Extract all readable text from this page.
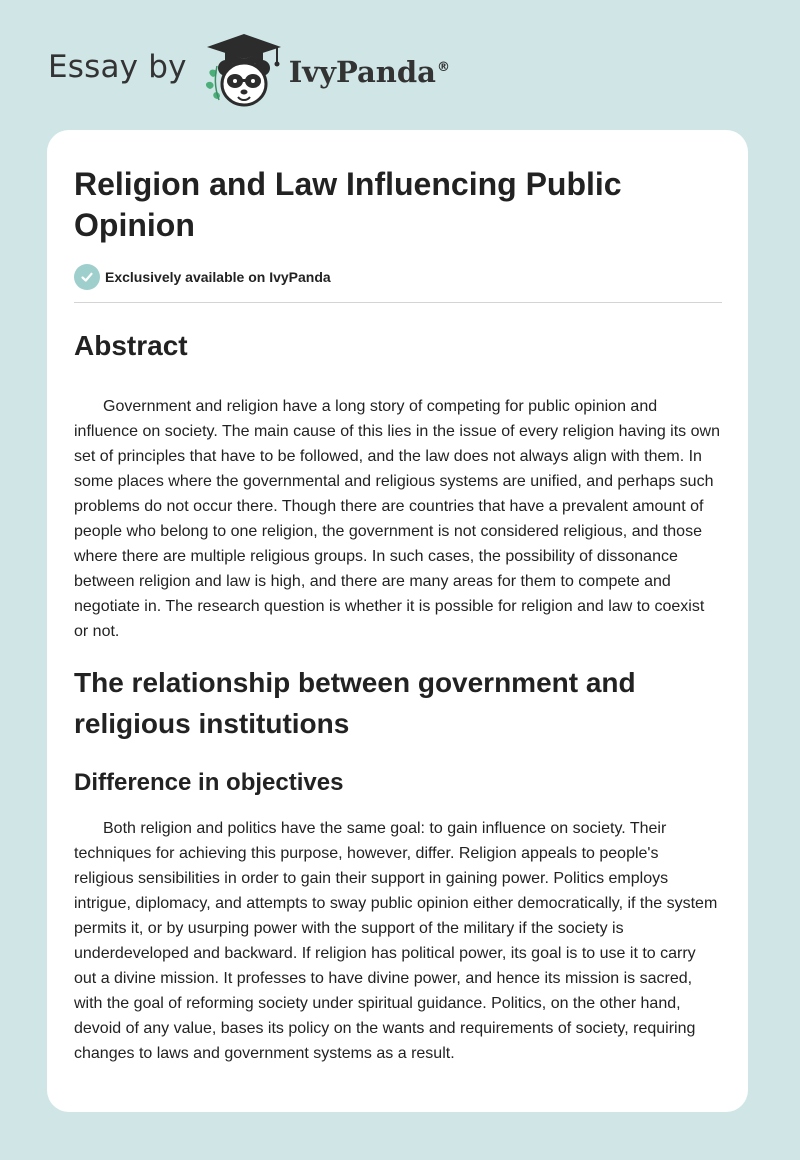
Essay by	IvyPanda®
Religion and Law Influencing Public Opinion
Exclusively available on IvyPanda
Abstract

Government and religion have a long story of competing for public opinion and influence on society. The main cause of this lies in the issue of every religion having its own set of principles that have to be followed, and the law does not always align with them. In some places where the governmental and religious systems are unified, and perhaps such problems do not occur there. Though there are countries that have a prevalent amount of people who belong to one religion, the government is not considered religious, and those where there are multiple religious groups. In such cases, the possibility of dissonance between religion and law is high, and there are many areas for them to compete and negotiate in. The research question is whether it is possible for religion and law to coexist or not.

The relationship between government and religious institutions
Difference in objectives

Both religion and politics have the same goal: to gain influence on society. Their techniques for achieving this purpose, however, differ. Religion appeals to people's religious sensibilities in order to gain their support in gaining power. Politics employs intrigue, diplomacy, and attempts to sway public opinion either democratically, if the system permits it, or by usurping power with the support of the military if the society is underdeveloped and backward. If religion has political power, its goal is to use it to carry out a divine mission. It professes to have divine power, and hence its mission is sacred, with the goal of reforming society under spiritual guidance. Politics, on the other hand, devoid of any value, bases its policy on the wants and requirements of society, requiring changes to laws and government systems as a result.
